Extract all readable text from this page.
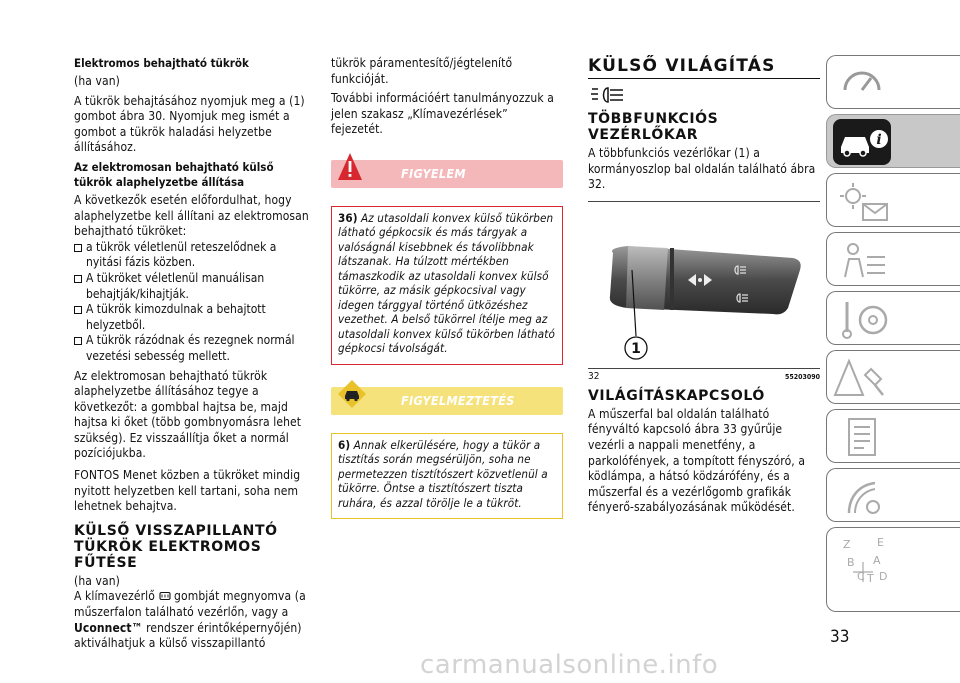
Elektromos behajtható tükrök

(ha van)

A tükrök behajtásához nyomjuk meg a (1) gombot ábra 30. Nyomjuk meg ismét a gombot a tükrök haladási helyzetbe állításához.

Az elektromosan behajtható külső tükrök alaphelyzetbe állítása

A következők esetén előfordulhat, hogy alaphelyzetbe kell állítani az elektromosan behajtható tükröket:

a tükrök véletlenül reteszelődnek a nyitási fázis közben.
A tükröket véletlenül manuálisan behajtják/kihajtják.
A tükrök kimozdulnak a behajtott helyzetből.
A tükrök rázódnak és rezegnek normál vezetési sebesség mellett.

Az elektromosan behajtható tükrök alaphelyzetbe állításához tegye a következőt: a gombbal hajtsa be, majd hajtsa ki őket (több gombnyomásra lehet szükség). Ez visszaállítja őket a normál pozíciójukba.

FONTOS Menet közben a tükröket mindig nyitott helyzetben kell tartani, soha nem lehetnek behajtva.

KÜLSŐ VISSZAPILLANTÓ
TÜKRÖK ELEKTROMOS FŰTÉSE

(ha van)

A klímavezérlő gombját megnyomva (a műszerfalon található vezérlőn, vagy a Uconnect™ rendszer érintőképernyőjén) aktiválhatjuk a külső visszapillantó

tükrök páramentesítő/jégtelenítő funkcióját.

További információért tanulmányozzuk a jelen szakasz „Klímavezérlések” fejezetét.

FIGYELEM

36) Az utasoldali konvex külső tükörben látható gépkocsik és más tárgyak a valóságnál kisebbnek és távolibbnak látszanak. Ha túlzott mértékben támaszkodik az utasoldali konvex külső tükörre, az másik gépkocsival vagy idegen tárggyal történő ütközéshez vezethet. A belső tükörrel ítélje meg az utasoldali konvex külső tükörben látható gépkocsi távolságát.

FIGYELMEZTETÉS

6) Annak elkerülésére, hogy a tükör a tisztítás során megsérüljön, soha ne permetezzen tisztítószert közvetlenül a tükörre. Öntse a tisztítószert tiszta ruhára, és azzal törölje le a tükröt.

KÜLSŐ VILÁGÍTÁS
TÖBBFUNKCIÓS VEZÉRLŐKAR

A többfunkciós vezérlőkar (1) a kormányoszlop bal oldalán található ábra 32.

1
32	55203090
VILÁGÍTÁSKAPCSOLÓ

A műszerfal bal oldalán található fényváltó kapcsoló ábra 33 gyűrűje vezérli a nappali menetfény, a parkolófények, a tompított fényszóró, a ködlámpa, a hátsó ködzárófény, és a műszerfal és a vezérlőgomb grafikák fényerő-szabályozásának működését.

i
Z E
B A
C T D
33
carmanualsonline.info
